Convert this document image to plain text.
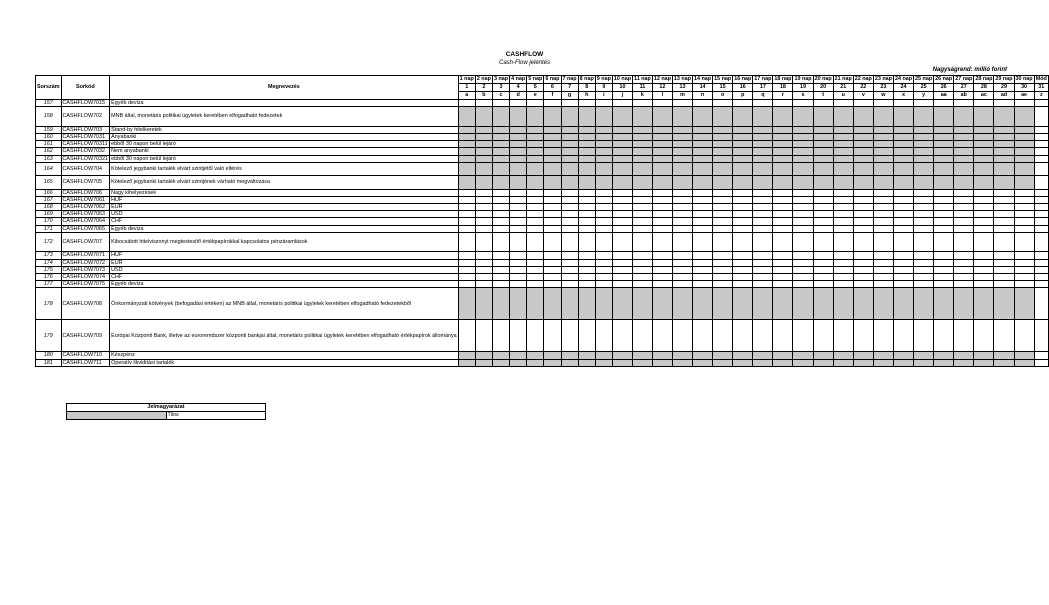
CASHFLOW
Cash-Flow jelentés
Nagyságrend: millió forint
Sorszám	Sorkód	Megnevezés	1 nap	2 nap	3 nap	4 nap	5 nap	6 nap	7 nap	8 nap	9 nap	10 nap	11 nap	12 nap	13 nap	14 nap	15 nap	16 nap	17 nap	18 nap	19 nap	20 nap	21 nap	22 nap	23 nap	24 nap	25 nap	26 nap	27 nap	28 nap	29 nap	30 nap	Mód
			1	2	3	4	5	6	7	8	9	10	11	12	13	14	15	16	17	18	19	20	21	22	23	24	25	26	27	28	29	30	31
			a	b	c	d	e	f	g	h	i	j	k	l	m	n	o	p	q	r	s	t	u	v	w	x	y	aa	ab	ac	ad	ae	z
157	CASHFLOW7015	Egyéb deviza																															
158	CASHFLOW702	MNB által, monetáris politikai ügyletek keretében elfogadható fedezetek																															
159	CASHFLOW703	Stand-by hitelkeretek																															
160	CASHFLOW7031	Anyabanki																															
161	CASHFLOW70311	ebből 30 napon belül lejáró																															
162	CASHFLOW7032	Nem anyabanki																															
163	CASHFLOW70321	ebből 30 napon belül lejáró																															
164	CASHFLOW704	Kötelező jegybanki tartalék elvárt szintjétől való eltérés																															
165	CASHFLOW705	Kötelező jegybanki tartalék elvárt szintjének várható megváltozása																															
166	CASHFLOW706	Nagy kihelyezések																															
167	CASHFLOW7061	HUF																															
168	CASHFLOW7062	EUR																															
169	CASHFLOW7063	USD																															
170	CASHFLOW7064	CHF																															
171	CASHFLOW7065	Egyéb deviza																															
172	CASHFLOW707	Kibocsátott hitelviszonyt megtestesítő értékpapírokkal kapcsolatos pénzáramlások																															
173	CASHFLOW7071	HUF																															
174	CASHFLOW7072	EUR																															
175	CASHFLOW7073	USD																															
176	CASHFLOW7074	CHF																															
177	CASHFLOW7075	Egyéb deviza																															
178	CASHFLOW708	Önkormányzati kötvények (befogadási értéken) az MNB által, monetáris politikai ügyletek keretében elfogadható fedezetekből																															
179	CASHFLOW709	Európai Központi Bank, illetve az euroremdszer központi bankjai által, monetáris politikai ügyletek keretében elfogadható értékpapírok állománya																															
180	CASHFLOW710	Készpénz																															
181	CASHFLOW711	Operatív likviditási tartalék																															
Jelmagyarázat
	Tilos
